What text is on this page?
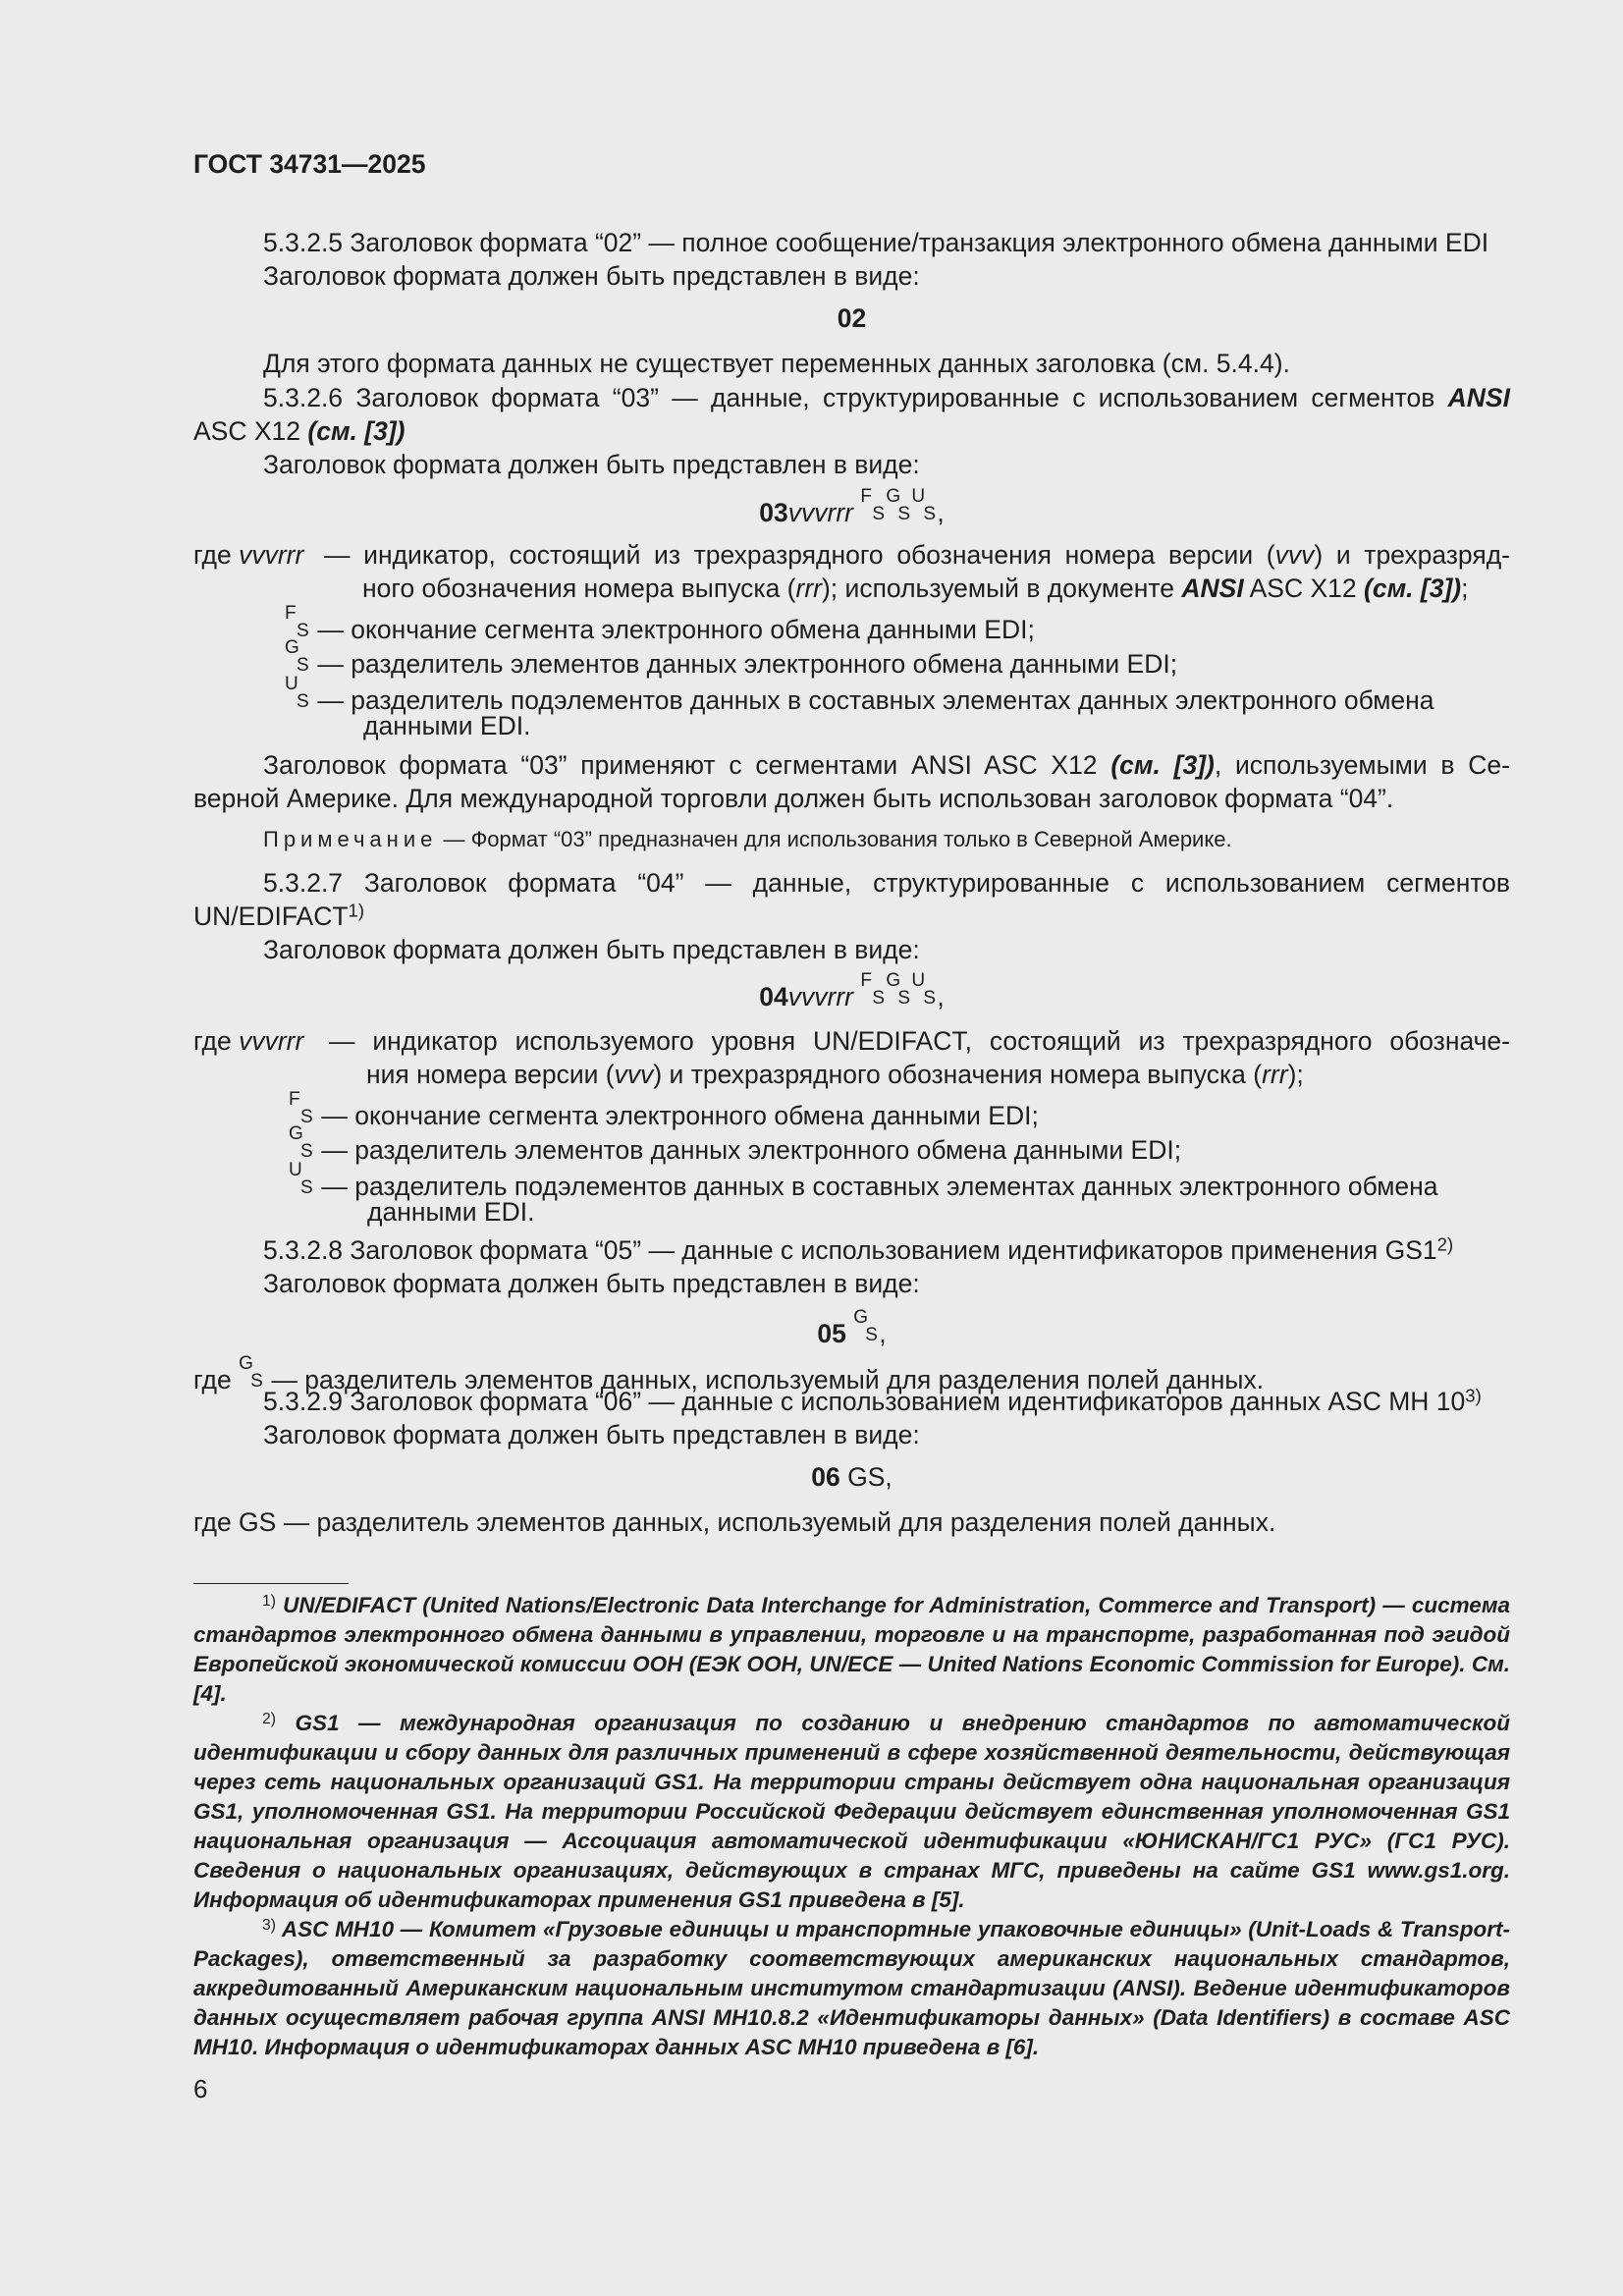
ГОСТ 34731—2025
5.3.2.5 Заголовок формата “02” — полное сообщение/транзакция электронного обмена данными EDI
Заголовок формата должен быть представлен в виде:
02
Для этого формата данных не существует переменных данных заголовка (см. 5.4.4).
5.3.2.6 Заголовок формата “03” — данные, структурированные с использованием сегментов ANSI
ASC X12 (см. [3])
Заголовок формата должен быть представлен в виде:
03vvvrrr
F
S
G
S
U
S ,
где vvvrrr — индикатор, состоящий из трехразрядного обозначения номера версии (vvv) и трехразряд-
ного обозначения номера выпуска (rrr); используемый в документе ANSI ASC X12 (см. [3]);
F
S — окончание сегмента электронного обмена данными EDI;
G
S — разделитель элементов данных электронного обмена данными EDI;
U
S — разделитель подэлементов данных в составных элементах данных электронного обмена
данными EDI.
Заголовок формата “03” применяют с сегментами ANSI ASC X12 (см. [3]), используемыми в Се-
верной Америке. Для международной торговли должен быть использован заголовок формата “04”.
Примечание — Формат “03” предназначен для использования только в Северной Америке.
5.3.2.7 Заголовок формата “04” — данные, структурированные с использованием сегментов
UN/EDIFACT$^{1)}$
Заголовок формата должен быть представлен в виде:
04vvvrrr
F
S
G
S
U
S ,
где vvvrrr — индикатор используемого уровня UN/EDIFACT, состоящий из трехразрядного обозначе-
ния номера версии (vvv) и трехразрядного обозначения номера выпуска (rrr);
F
S — окончание сегмента электронного обмена данными EDI;
G
S — разделитель элементов данных электронного обмена данными EDI;
U
S — разделитель подэлементов данных в составных элементах данных электронного обмена
данными EDI.
5.3.2.8 Заголовок формата “05” — данные с использованием идентификаторов применения GS1$^{2)}$
Заголовок формата должен быть представлен в виде:
05
G
S ,
где
G
S — разделитель элементов данных, используемый для разделения полей данных.
5.3.2.9 Заголовок формата “06” — данные с использованием идентификаторов данных ASC MH 10$^{3)}$
Заголовок формата должен быть представлен в виде:
06 GS,
где GS — разделитель элементов данных, используемый для разделения полей данных.

$^{1)}$ UN/EDIFACT (United Nations/Electronic Data Interchange for Administration, Commerce and Transport) — система стандартов электронного обмена данными в управлении, торговле и на транспорте, разработанная под эгидой Европейской экономической комиссии ООН (ЕЭК ООН, UN/ECE — United Nations Economic Commission for Europe). См. [4].

$^{2)}$ GS1 — международная организация по созданию и внедрению стандартов по автоматической идентификации и сбору данных для различных применений в сфере хозяйственной деятельности, действующая через сеть национальных организаций GS1. На территории страны действует одна национальная организация GS1, уполномоченная GS1. На территории Российской Федерации действует единственная уполномоченная GS1 национальная организация — Ассоциация автоматической идентификации «ЮНИСКАН/ГС1 РУС» (ГС1 РУС). Сведения о национальных организациях, действующих в странах МГС, приведены на сайте GS1 www.gs1.org. Информация об идентификаторах применения GS1 приведена в [5].

$^{3)}$ ASC MH10 — Комитет «Грузовые единицы и транспортные упаковочные единицы» (Unit-Loads & Transport-Packages), ответственный за разработку соответствующих американских национальных стандартов, аккредитованный Американским национальным институтом стандартизации (ANSI). Ведение идентификаторов данных осуществляет рабочая группа ANSI MH10.8.2 «Идентификаторы данных» (Data Identifiers) в составе ASC MH10. Информация о идентификаторах данных ASC MH10 приведена в [6].

6
